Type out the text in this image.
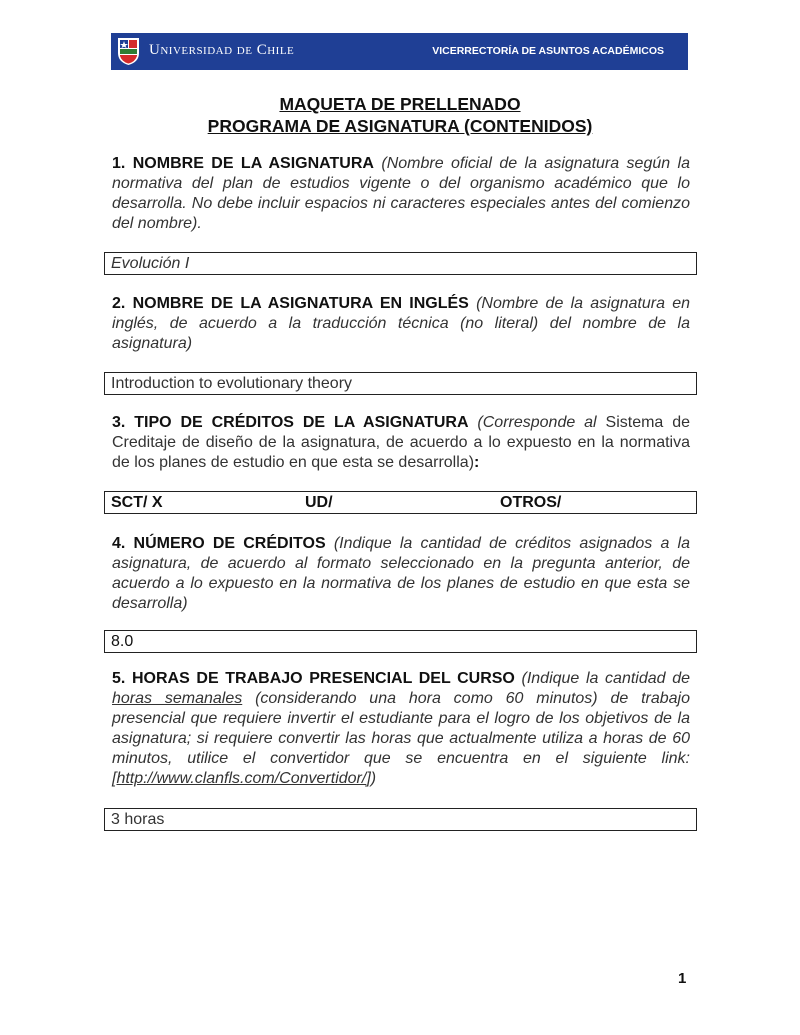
Universidad de Chile	VICERRECTORÍA DE ASUNTOS ACADÉMICOS
MAQUETA DE PRELLENADO
PROGRAMA DE ASIGNATURA (CONTENIDOS)
1. NOMBRE DE LA ASIGNATURA (Nombre oficial de la asignatura según la normativa del plan de estudios vigente o del organismo académico que lo desarrolla. No debe incluir espacios ni caracteres especiales antes del comienzo del nombre).
Evolución I
2. NOMBRE DE LA ASIGNATURA EN INGLÉS (Nombre de la asignatura en inglés, de acuerdo a la traducción técnica (no literal) del nombre de la asignatura)
Introduction to evolutionary theory
3. TIPO DE CRÉDITOS DE LA ASIGNATURA (Corresponde al Sistema de Creditaje de diseño de la asignatura, de acuerdo a lo expuesto en la normativa de los planes de estudio en que esta se desarrolla):
SCT/ X	UD/	OTROS/
4. NÚMERO DE CRÉDITOS (Indique la cantidad de créditos asignados a la asignatura, de acuerdo al formato seleccionado en la pregunta anterior, de acuerdo a lo expuesto en la normativa de los planes de estudio en que esta se desarrolla)
8.0
5. HORAS DE TRABAJO PRESENCIAL DEL CURSO (Indique la cantidad de horas semanales (considerando una hora como 60 minutos) de trabajo presencial que requiere invertir el estudiante para el logro de los objetivos de la asignatura; si requiere convertir las horas que actualmente utiliza a horas de 60 minutos, utilice el convertidor que se encuentra en el siguiente link: [http://www.clanfls.com/Convertidor/])
3 horas
1
